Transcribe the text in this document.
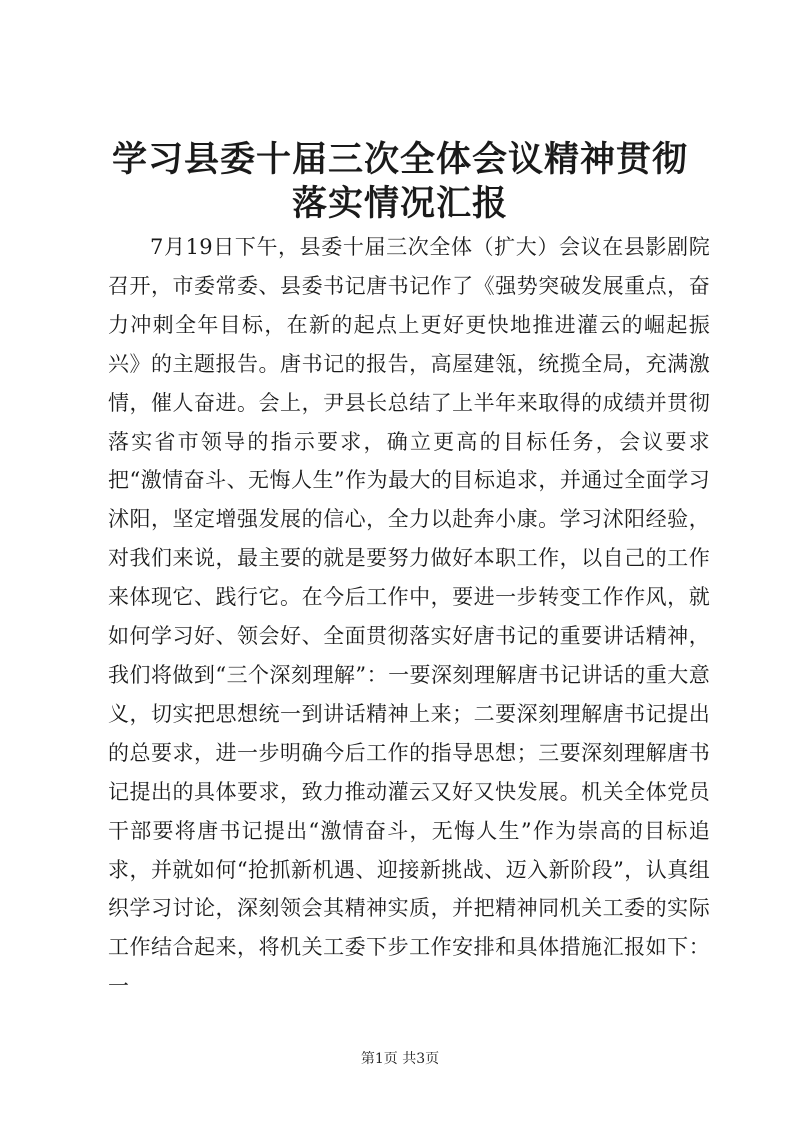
学习县委十届三次全体会议精神贯彻落实情况汇报

7月19日下午，县委十届三次全体（扩大）会议在县影剧院召开，市委常委、县委书记唐书记作了《强势突破发展重点，奋力冲刺全年目标，在新的起点上更好更快地推进灌云的崛起振兴》的主题报告。唐书记的报告，高屋建瓴，统揽全局，充满激情，催人奋进。会上，尹县长总结了上半年来取得的成绩并贯彻落实省市领导的指示要求，确立更高的目标任务，会议要求把“激情奋斗、无悔人生”作为最大的目标追求，并通过全面学习沭阳，坚定增强发展的信心，全力以赴奔小康。学习沭阳经验，对我们来说，最主要的就是要努力做好本职工作，以自己的工作来体现它、践行它。在今后工作中，要进一步转变工作作风，就如何学习好、领会好、全面贯彻落实好唐书记的重要讲话精神，我们将做到“三个深刻理解”：一要深刻理解唐书记讲话的重大意义，切实把思想统一到讲话精神上来；二要深刻理解唐书记提出的总要求，进一步明确今后工作的指导思想；三要深刻理解唐书记提出的具体要求，致力推动灌云又好又快发展。机关全体党员干部要将唐书记提出“激情奋斗，无悔人生”作为崇高的目标追求，并就如何“抢抓新机遇、迎接新挑战、迈入新阶段”，认真组织学习讨论，深刻领会其精神实质，并把精神同机关工委的实际工作结合起来，将机关工委下步工作安排和具体措施汇报如下：一

第1页 共3页
